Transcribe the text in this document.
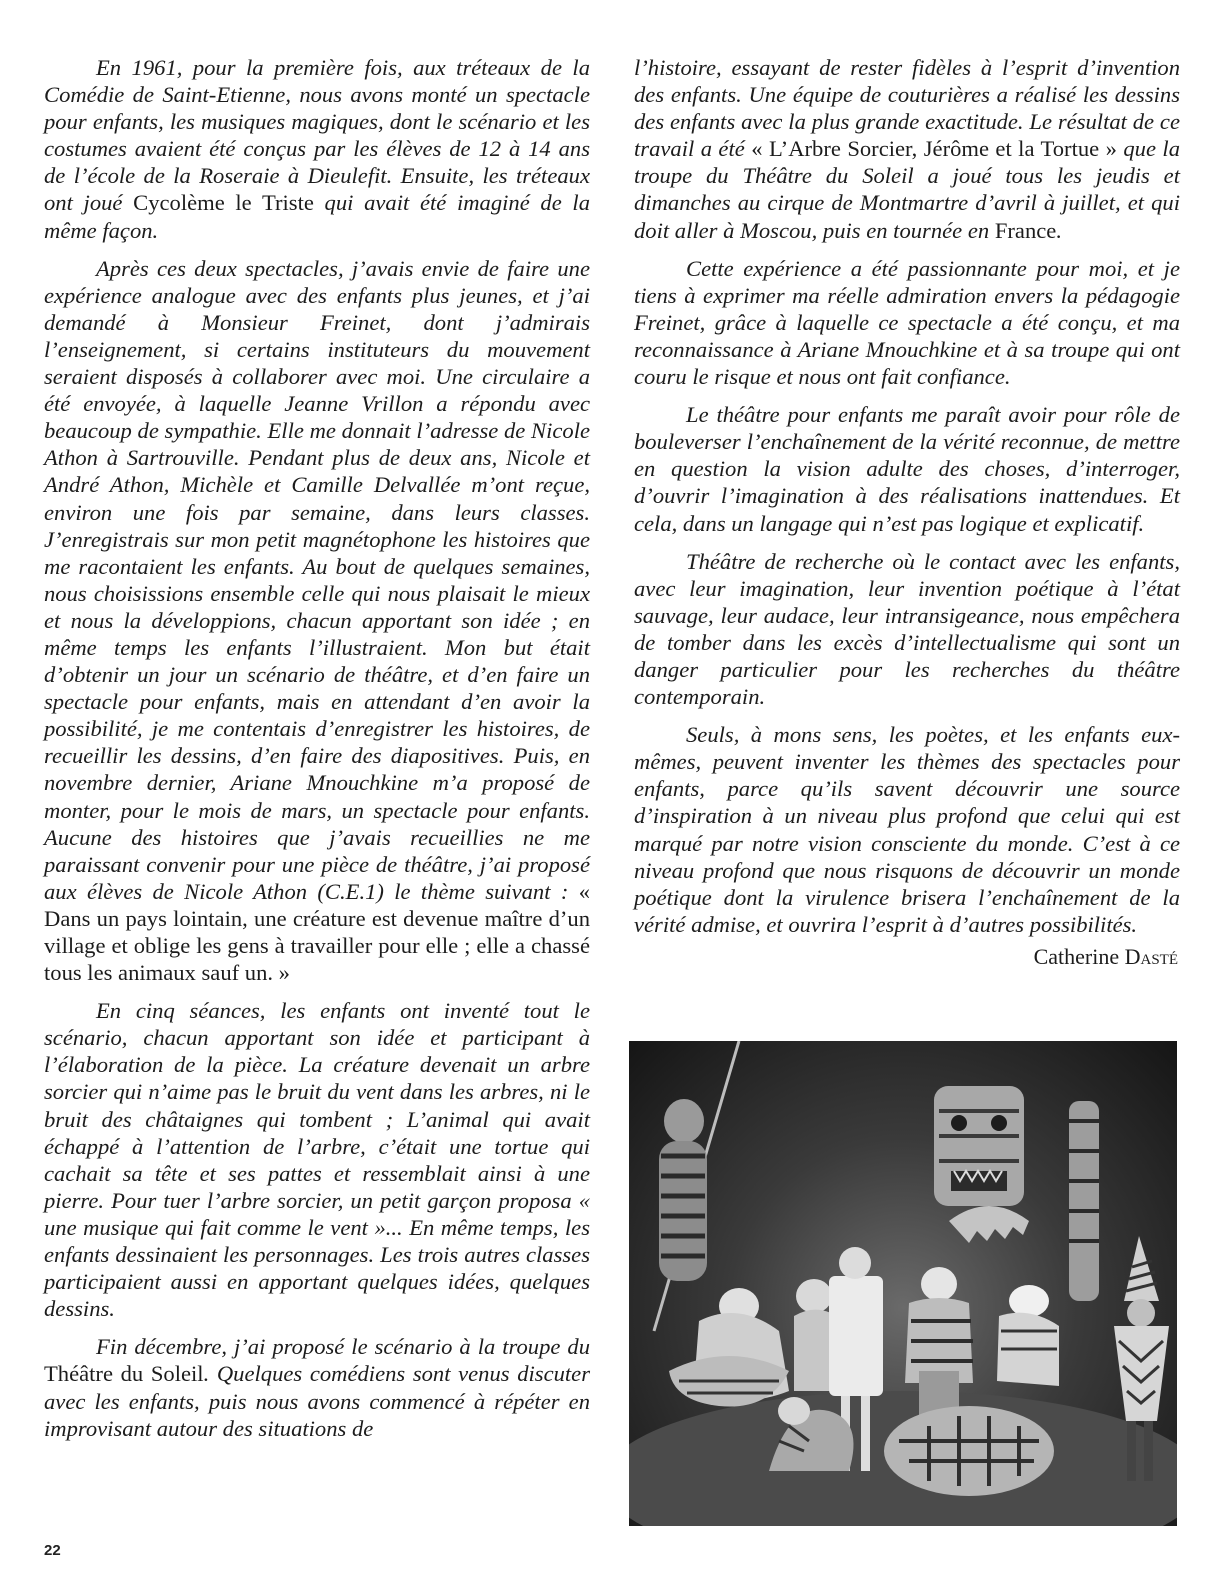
En 1961, pour la première fois, aux tréteaux de la Comédie de Saint-Etienne, nous avons monté un spectacle pour enfants, les musiques magiques, dont le scénario et les costumes avaient été conçus par les élèves de 12 à 14 ans de l’école de la Roseraie à Dieulefit. Ensuite, les tréteaux ont joué Cycolème le Triste qui avait été imaginé de la même façon.

Après ces deux spectacles, j’avais envie de faire une expérience analogue avec des enfants plus jeunes, et j’ai demandé à Monsieur Freinet, dont j’admirais l’enseignement, si certains instituteurs du mouvement seraient disposés à collaborer avec moi. Une circulaire a été envoyée, à laquelle Jeanne Vrillon a répondu avec beaucoup de sympathie. Elle me donnait l’adresse de Nicole Athon à Sartrouville. Pendant plus de deux ans, Nicole et André Athon, Michèle et Camille Delvallée m’ont reçue, environ une fois par semaine, dans leurs classes. J’enregistrais sur mon petit magnétophone les histoires que me racontaient les enfants. Au bout de quelques semaines, nous choisissions ensemble celle qui nous plaisait le mieux et nous la développions, chacun apportant son idée ; en même temps les enfants l’illustraient. Mon but était d’obtenir un jour un scénario de théâtre, et d’en faire un spectacle pour enfants, mais en attendant d’en avoir la possibilité, je me contentais d’enregistrer les histoires, de recueillir les dessins, d’en faire des diapositives. Puis, en novembre dernier, Ariane Mnouchkine m’a proposé de monter, pour le mois de mars, un spectacle pour enfants. Aucune des histoires que j’avais recueillies ne me paraissant convenir pour une pièce de théâtre, j’ai proposé aux élèves de Nicole Athon (C.E.1) le thème suivant : « Dans un pays lointain, une créature est devenue maître d’un village et oblige les gens à travailler pour elle ; elle a chassé tous les animaux sauf un. »

En cinq séances, les enfants ont inventé tout le scénario, chacun apportant son idée et participant à l’élaboration de la pièce. La créature devenait un arbre sorcier qui n’aime pas le bruit du vent dans les arbres, ni le bruit des châtaignes qui tombent ; L’animal qui avait échappé à l’attention de l’arbre, c’était une tortue qui cachait sa tête et ses pattes et ressemblait ainsi à une pierre. Pour tuer l’arbre sorcier, un petit garçon proposa « une musique qui fait comme le vent »... En même temps, les enfants dessinaient les personnages. Les trois autres classes participaient aussi en apportant quelques idées, quelques dessins.

Fin décembre, j’ai proposé le scénario à la troupe du Théâtre du Soleil. Quelques comédiens sont venus discuter avec les enfants, puis nous avons commencé à répéter en improvisant autour des situations de

l’histoire, essayant de rester fidèles à l’esprit d’invention des enfants. Une équipe de couturières a réalisé les dessins des enfants avec la plus grande exactitude. Le résultat de ce travail a été « L’Arbre Sorcier, Jérôme et la Tortue » que la troupe du Théâtre du Soleil a joué tous les jeudis et dimanches au cirque de Montmartre d’avril à juillet, et qui doit aller à Moscou, puis en tournée en France.

Cette expérience a été passionnante pour moi, et je tiens à exprimer ma réelle admiration envers la pédagogie Freinet, grâce à laquelle ce spectacle a été conçu, et ma reconnaissance à Ariane Mnouchkine et à sa troupe qui ont couru le risque et nous ont fait confiance.

Le théâtre pour enfants me paraît avoir pour rôle de bouleverser l’enchaînement de la vérité reconnue, de mettre en question la vision adulte des choses, d’interroger, d’ouvrir l’imagination à des réalisations inattendues. Et cela, dans un langage qui n’est pas logique et explicatif.

Théâtre de recherche où le contact avec les enfants, avec leur imagination, leur invention poétique à l’état sauvage, leur audace, leur intransigeance, nous empêchera de tomber dans les excès d’intellectualisme qui sont un danger particulier pour les recherches du théâtre contemporain.

Seuls, à mons sens, les poètes, et les enfants eux-mêmes, peuvent inventer les thèmes des spectacles pour enfants, parce qu’ils savent découvrir une source d’inspiration à un niveau plus profond que celui qui est marqué par notre vision consciente du monde. C’est à ce niveau profond que nous risquons de découvrir un monde poétique dont la virulence brisera l’enchaînement de la vérité admise, et ouvrira l’esprit à d’autres possibilités.

Catherine Dasté

22
